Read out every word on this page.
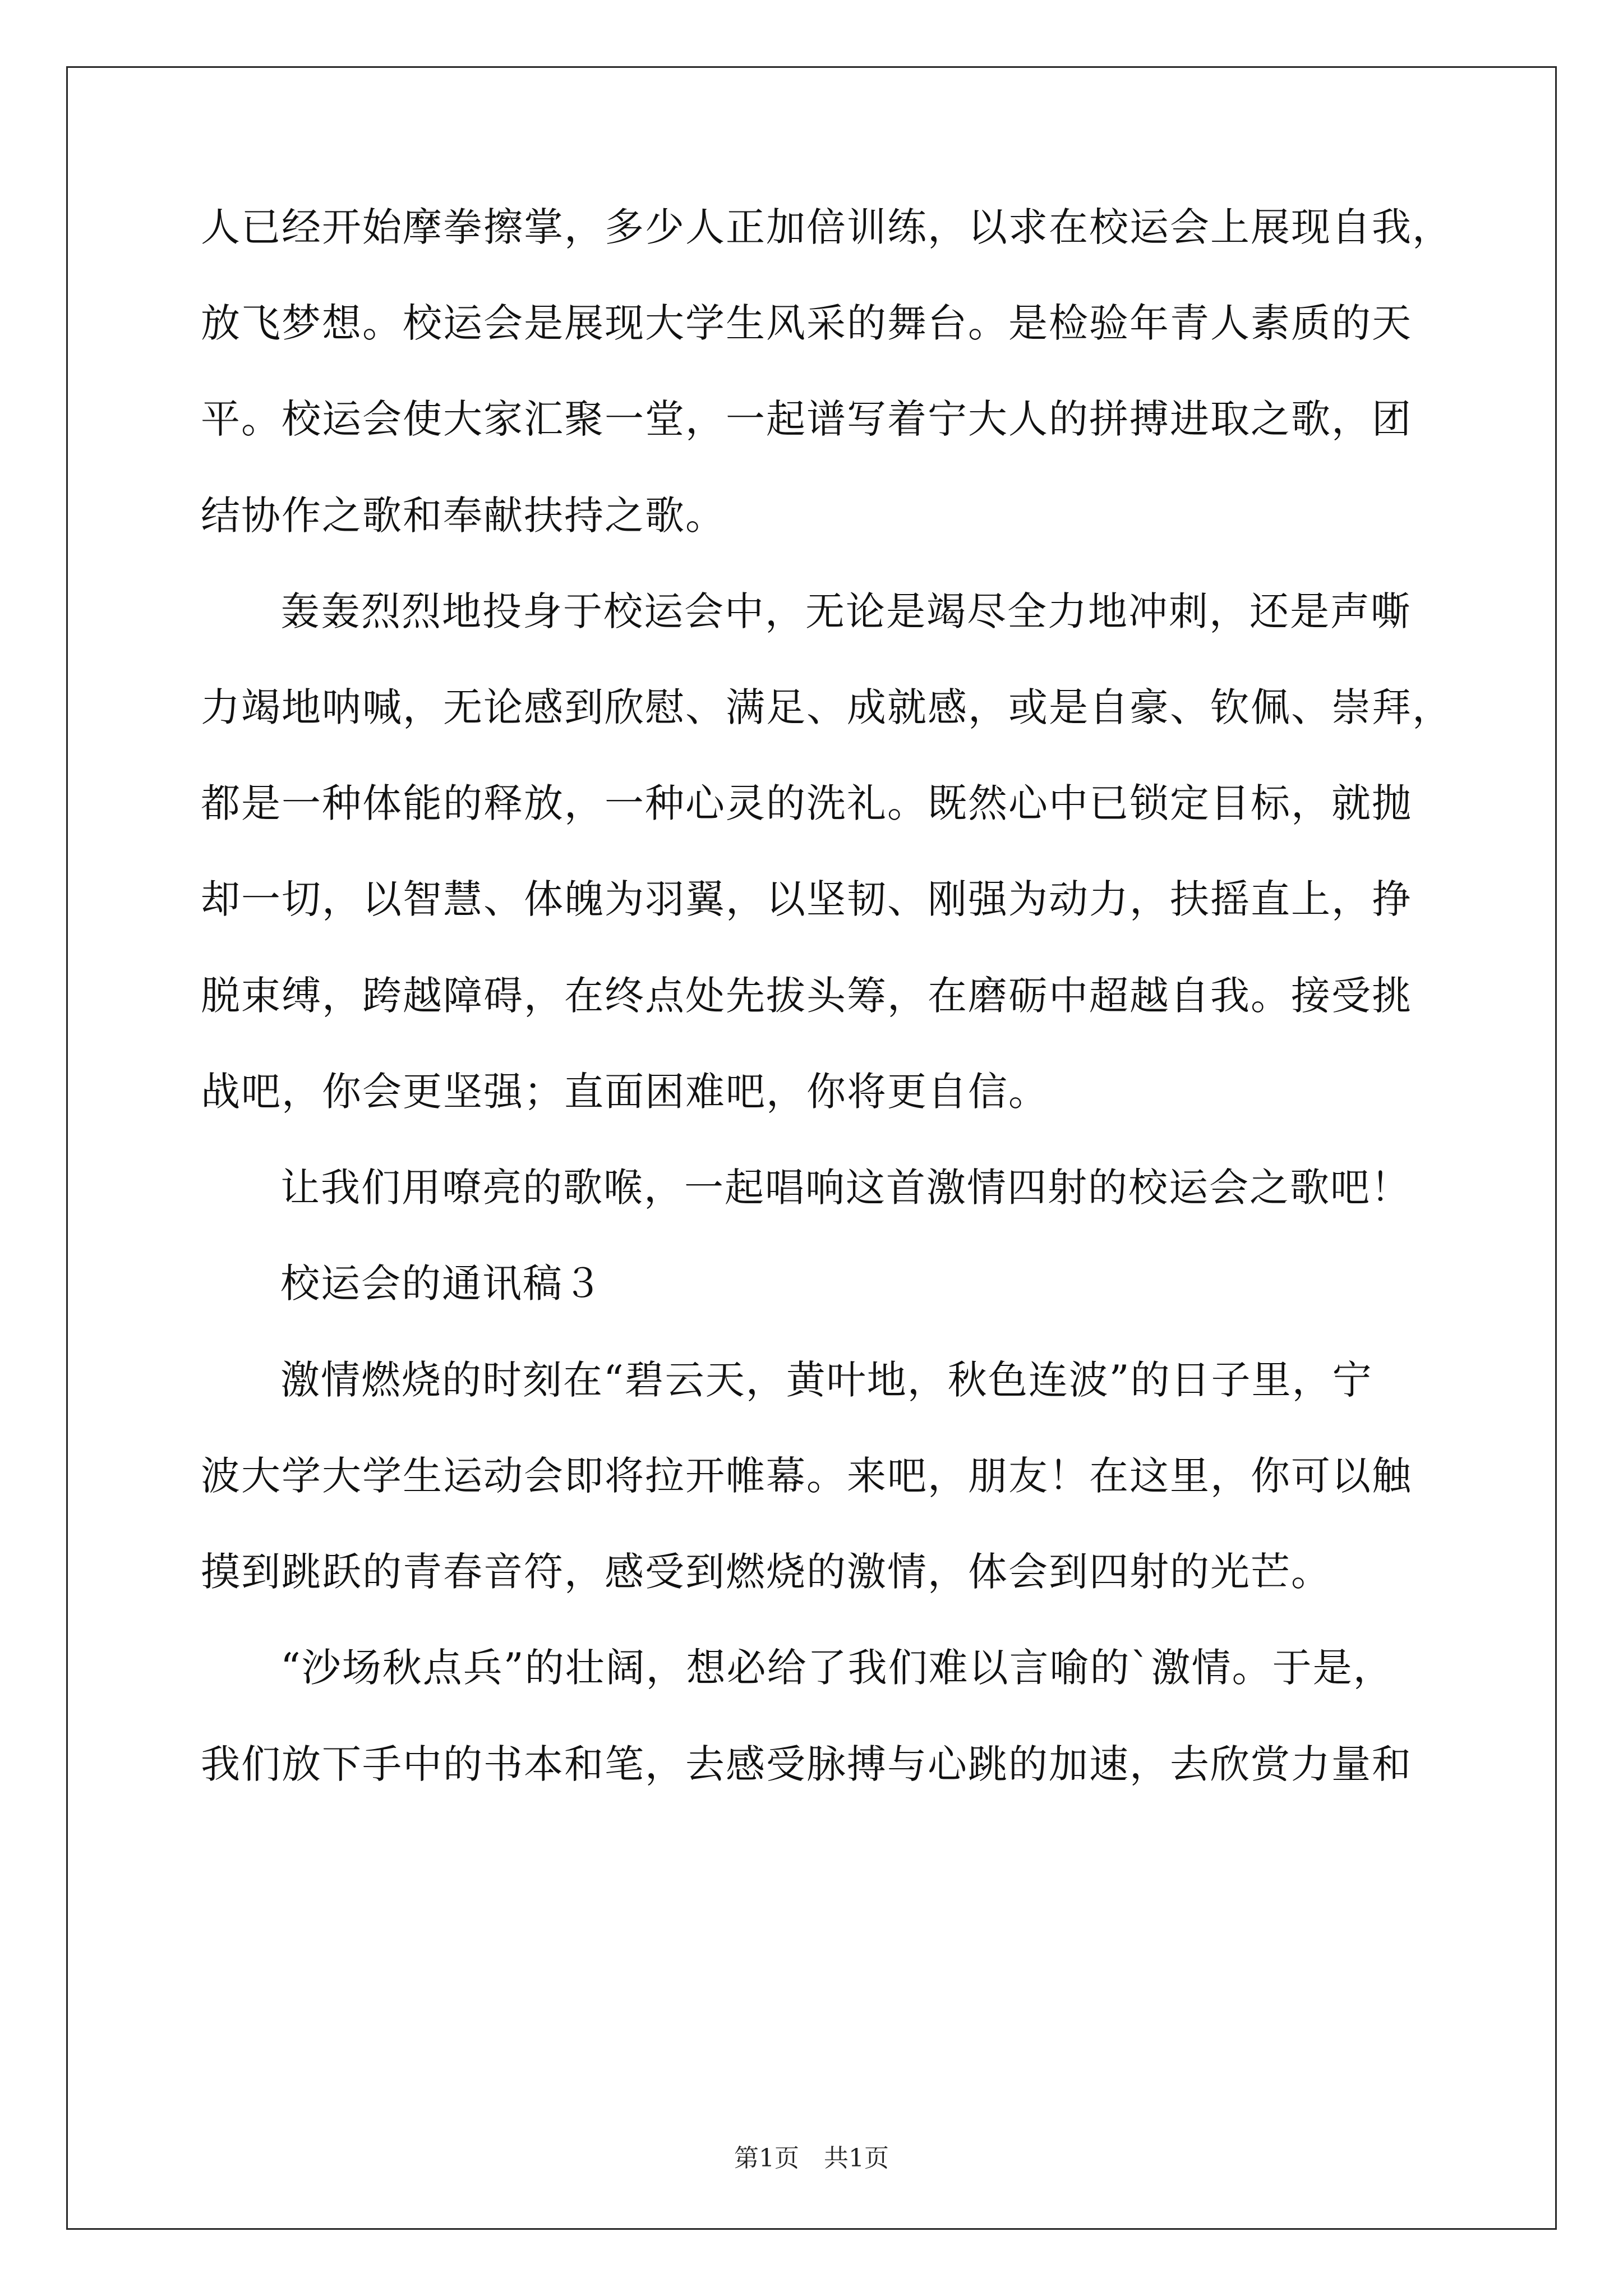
人已经开始摩拳擦掌，多少人正加倍训练，以求在校运会上展现自我，
放飞梦想。校运会是展现大学生风采的舞台。是检验年青人素质的天
平。校运会使大家汇聚一堂，一起谱写着宁大人的拼搏进取之歌，团
结协作之歌和奉献扶持之歌。
轰轰烈烈地投身于校运会中，无论是竭尽全力地冲刺，还是声嘶
力竭地呐喊，无论感到欣慰、满足、成就感，或是自豪、钦佩、崇拜，
都是一种体能的释放，一种心灵的洗礼。既然心中已锁定目标，就抛
却一切，以智慧、体魄为羽翼，以坚韧、刚强为动力，扶摇直上，挣
脱束缚，跨越障碍，在终点处先拔头筹，在磨砺中超越自我。接受挑
战吧，你会更坚强；直面困难吧，你将更自信。
让我们用嘹亮的歌喉，一起唱响这首激情四射的校运会之歌吧！
校运会的通讯稿３
激情燃烧的时刻在“碧云天，黄叶地，秋色连波”的日子里，宁
波大学大学生运动会即将拉开帷幕。来吧，朋友！在这里，你可以触
摸到跳跃的青春音符，感受到燃烧的激情，体会到四射的光芒。
“沙场秋点兵”的壮阔，想必给了我们难以言喻的`激情。于是，
我们放下手中的书本和笔，去感受脉搏与心跳的加速，去欣赏力量和
第1页 共1页
